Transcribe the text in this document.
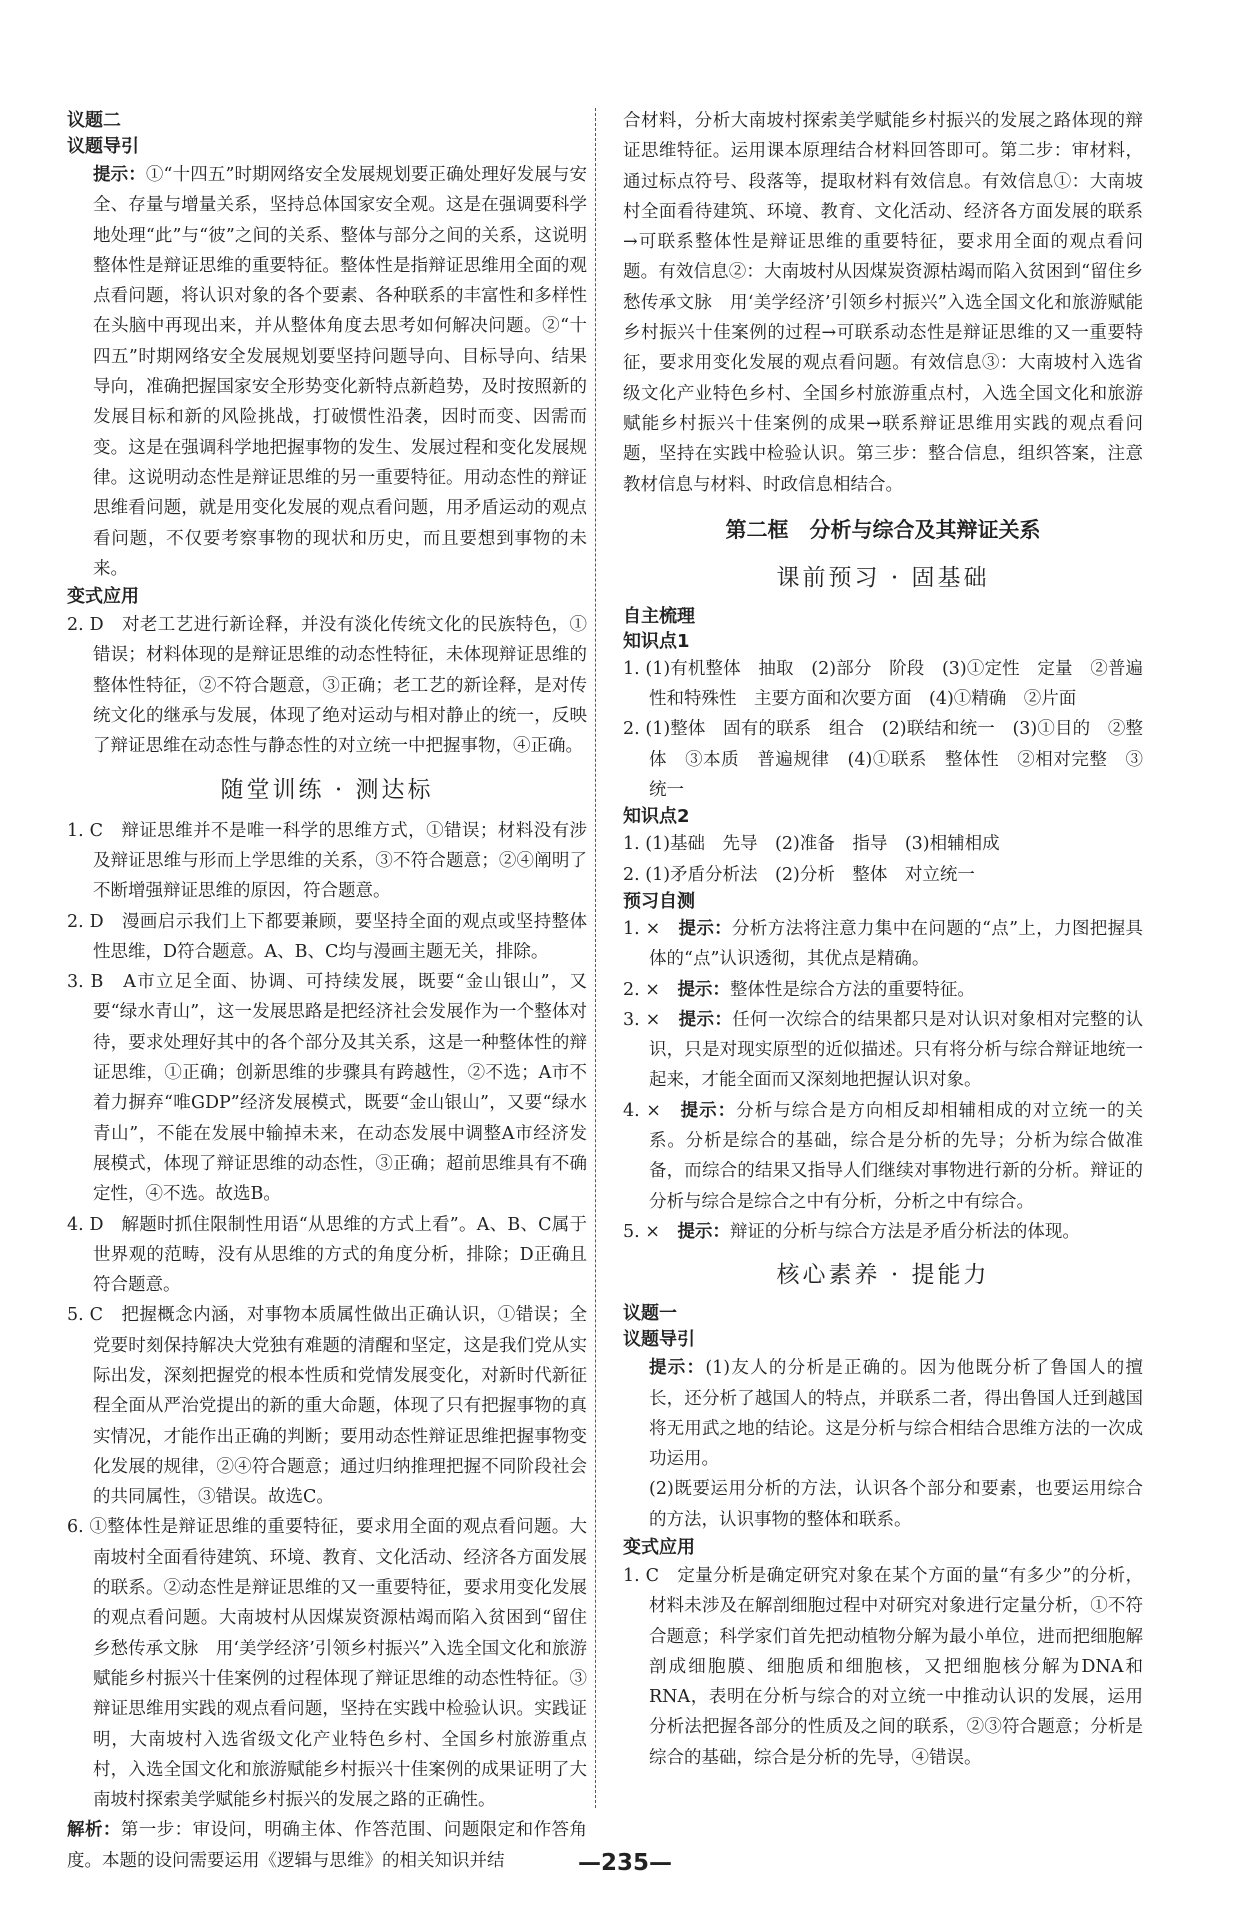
议题二

议题导引

提示：①“十四五”时期网络安全发展规划要正确处理好发展与安全、存量与增量关系，坚持总体国家安全观。这是在强调要科学地处理“此”与“彼”之间的关系、整体与部分之间的关系，这说明整体性是辩证思维的重要特征。整体性是指辩证思维用全面的观点看问题，将认识对象的各个要素、各种联系的丰富性和多样性在头脑中再现出来，并从整体角度去思考如何解决问题。②“十四五”时期网络安全发展规划要坚持问题导向、目标导向、结果导向，准确把握国家安全形势变化新特点新趋势，及时按照新的发展目标和新的风险挑战，打破惯性沿袭，因时而变、因需而变。这是在强调科学地把握事物的发生、发展过程和变化发展规律。这说明动态性是辩证思维的另一重要特征。用动态性的辩证思维看问题，就是用变化发展的观点看问题，用矛盾运动的观点看问题，不仅要考察事物的现状和历史，而且要想到事物的未来。

变式应用

2. D　对老工艺进行新诠释，并没有淡化传统文化的民族特色，①错误；材料体现的是辩证思维的动态性特征，未体现辩证思维的整体性特征，②不符合题意，③正确；老工艺的新诠释，是对传统文化的继承与发展，体现了绝对运动与相对静止的统一，反映了辩证思维在动态性与静态性的对立统一中把握事物，④正确。

随堂训练 · 测达标

1. C　辩证思维并不是唯一科学的思维方式，①错误；材料没有涉及辩证思维与形而上学思维的关系，③不符合题意；②④阐明了不断增强辩证思维的原因，符合题意。

2. D　漫画启示我们上下都要兼顾，要坚持全面的观点或坚持整体性思维，D符合题意。A、B、C均与漫画主题无关，排除。

3. B　A市立足全面、协调、可持续发展，既要“金山银山”，又要“绿水青山”，这一发展思路是把经济社会发展作为一个整体对待，要求处理好其中的各个部分及其关系，这是一种整体性的辩证思维，①正确；创新思维的步骤具有跨越性，②不选；A市不着力摒弃“唯GDP”经济发展模式，既要“金山银山”，又要“绿水青山”，不能在发展中输掉未来，在动态发展中调整A市经济发展模式，体现了辩证思维的动态性，③正确；超前思维具有不确定性，④不选。故选B。

4. D　解题时抓住限制性用语“从思维的方式上看”。A、B、C属于世界观的范畴，没有从思维的方式的角度分析，排除；D正确且符合题意。

5. C　把握概念内涵，对事物本质属性做出正确认识，①错误；全党要时刻保持解决大党独有难题的清醒和坚定，这是我们党从实际出发，深刻把握党的根本性质和党情发展变化，对新时代新征程全面从严治党提出的新的重大命题，体现了只有把握事物的真实情况，才能作出正确的判断；要用动态性辩证思维把握事物变化发展的规律，②④符合题意；通过归纳推理把握不同阶段社会的共同属性，③错误。故选C。

6. ①整体性是辩证思维的重要特征，要求用全面的观点看问题。大南坡村全面看待建筑、环境、教育、文化活动、经济各方面发展的联系。②动态性是辩证思维的又一重要特征，要求用变化发展的观点看问题。大南坡村从因煤炭资源枯竭而陷入贫困到“留住乡愁传承文脉　用‘美学经济’引领乡村振兴”入选全国文化和旅游赋能乡村振兴十佳案例的过程体现了辩证思维的动态性特征。③辩证思维用实践的观点看问题，坚持在实践中检验认识。实践证明，大南坡村入选省级文化产业特色乡村、全国乡村旅游重点村，入选全国文化和旅游赋能乡村振兴十佳案例的成果证明了大南坡村探索美学赋能乡村振兴的发展之路的正确性。

解析：第一步：审设问，明确主体、作答范围、问题限定和作答角度。本题的设问需要运用《逻辑与思维》的相关知识并结

合材料，分析大南坡村探索美学赋能乡村振兴的发展之路体现的辩证思维特征。运用课本原理结合材料回答即可。第二步：审材料，通过标点符号、段落等，提取材料有效信息。有效信息①：大南坡村全面看待建筑、环境、教育、文化活动、经济各方面发展的联系→可联系整体性是辩证思维的重要特征，要求用全面的观点看问题。有效信息②：大南坡村从因煤炭资源枯竭而陷入贫困到“留住乡愁传承文脉　用‘美学经济’引领乡村振兴”入选全国文化和旅游赋能乡村振兴十佳案例的过程→可联系动态性是辩证思维的又一重要特征，要求用变化发展的观点看问题。有效信息③：大南坡村入选省级文化产业特色乡村、全国乡村旅游重点村，入选全国文化和旅游赋能乡村振兴十佳案例的成果→联系辩证思维用实践的观点看问题，坚持在实践中检验认识。第三步：整合信息，组织答案，注意教材信息与材料、时政信息相结合。

第二框　分析与综合及其辩证关系

课前预习 · 固基础

自主梳理

知识点1

1. (1)有机整体　抽取　(2)部分　阶段　(3)①定性　定量　②普遍性和特殊性　主要方面和次要方面　(4)①精确　②片面

2. (1)整体　固有的联系　组合　(2)联结和统一　(3)①目的　②整体　③本质　普遍规律　(4)①联系　整体性　②相对完整　③统一

知识点2

1. (1)基础　先导　(2)准备　指导　(3)相辅相成

2. (1)矛盾分析法　(2)分析　整体　对立统一

预习自测

1. ×　 提示：分析方法将注意力集中在问题的“点”上，力图把握具体的“点”认识透彻，其优点是精确。

2. ×　 提示：整体性是综合方法的重要特征。

3. ×　 提示：任何一次综合的结果都只是对认识对象相对完整的认识，只是对现实原型的近似描述。只有将分析与综合辩证地统一起来，才能全面而又深刻地把握认识对象。

4. ×　 提示：分析与综合是方向相反却相辅相成的对立统一的关系。分析是综合的基础，综合是分析的先导；分析为综合做准备，而综合的结果又指导人们继续对事物进行新的分析。辩证的分析与综合是综合之中有分析，分析之中有综合。

5. ×　 提示：辩证的分析与综合方法是矛盾分析法的体现。

核心素养 · 提能力

议题一

议题导引

提示：(1)友人的分析是正确的。因为他既分析了鲁国人的擅长，还分析了越国人的特点，并联系二者，得出鲁国人迁到越国将无用武之地的结论。这是分析与综合相结合思维方法的一次成功运用。

(2)既要运用分析的方法，认识各个部分和要素，也要运用综合的方法，认识事物的整体和联系。

变式应用

1. C　定量分析是确定研究对象在某个方面的量“有多少”的分析，材料未涉及在解剖细胞过程中对研究对象进行定量分析，①不符合题意；科学家们首先把动植物分解为最小单位，进而把细胞解剖成细胞膜、细胞质和细胞核，又把细胞核分解为DNA和RNA，表明在分析与综合的对立统一中推动认识的发展，运用分析法把握各部分的性质及之间的联系，②③符合题意；分析是综合的基础，综合是分析的先导，④错误。

—235—
